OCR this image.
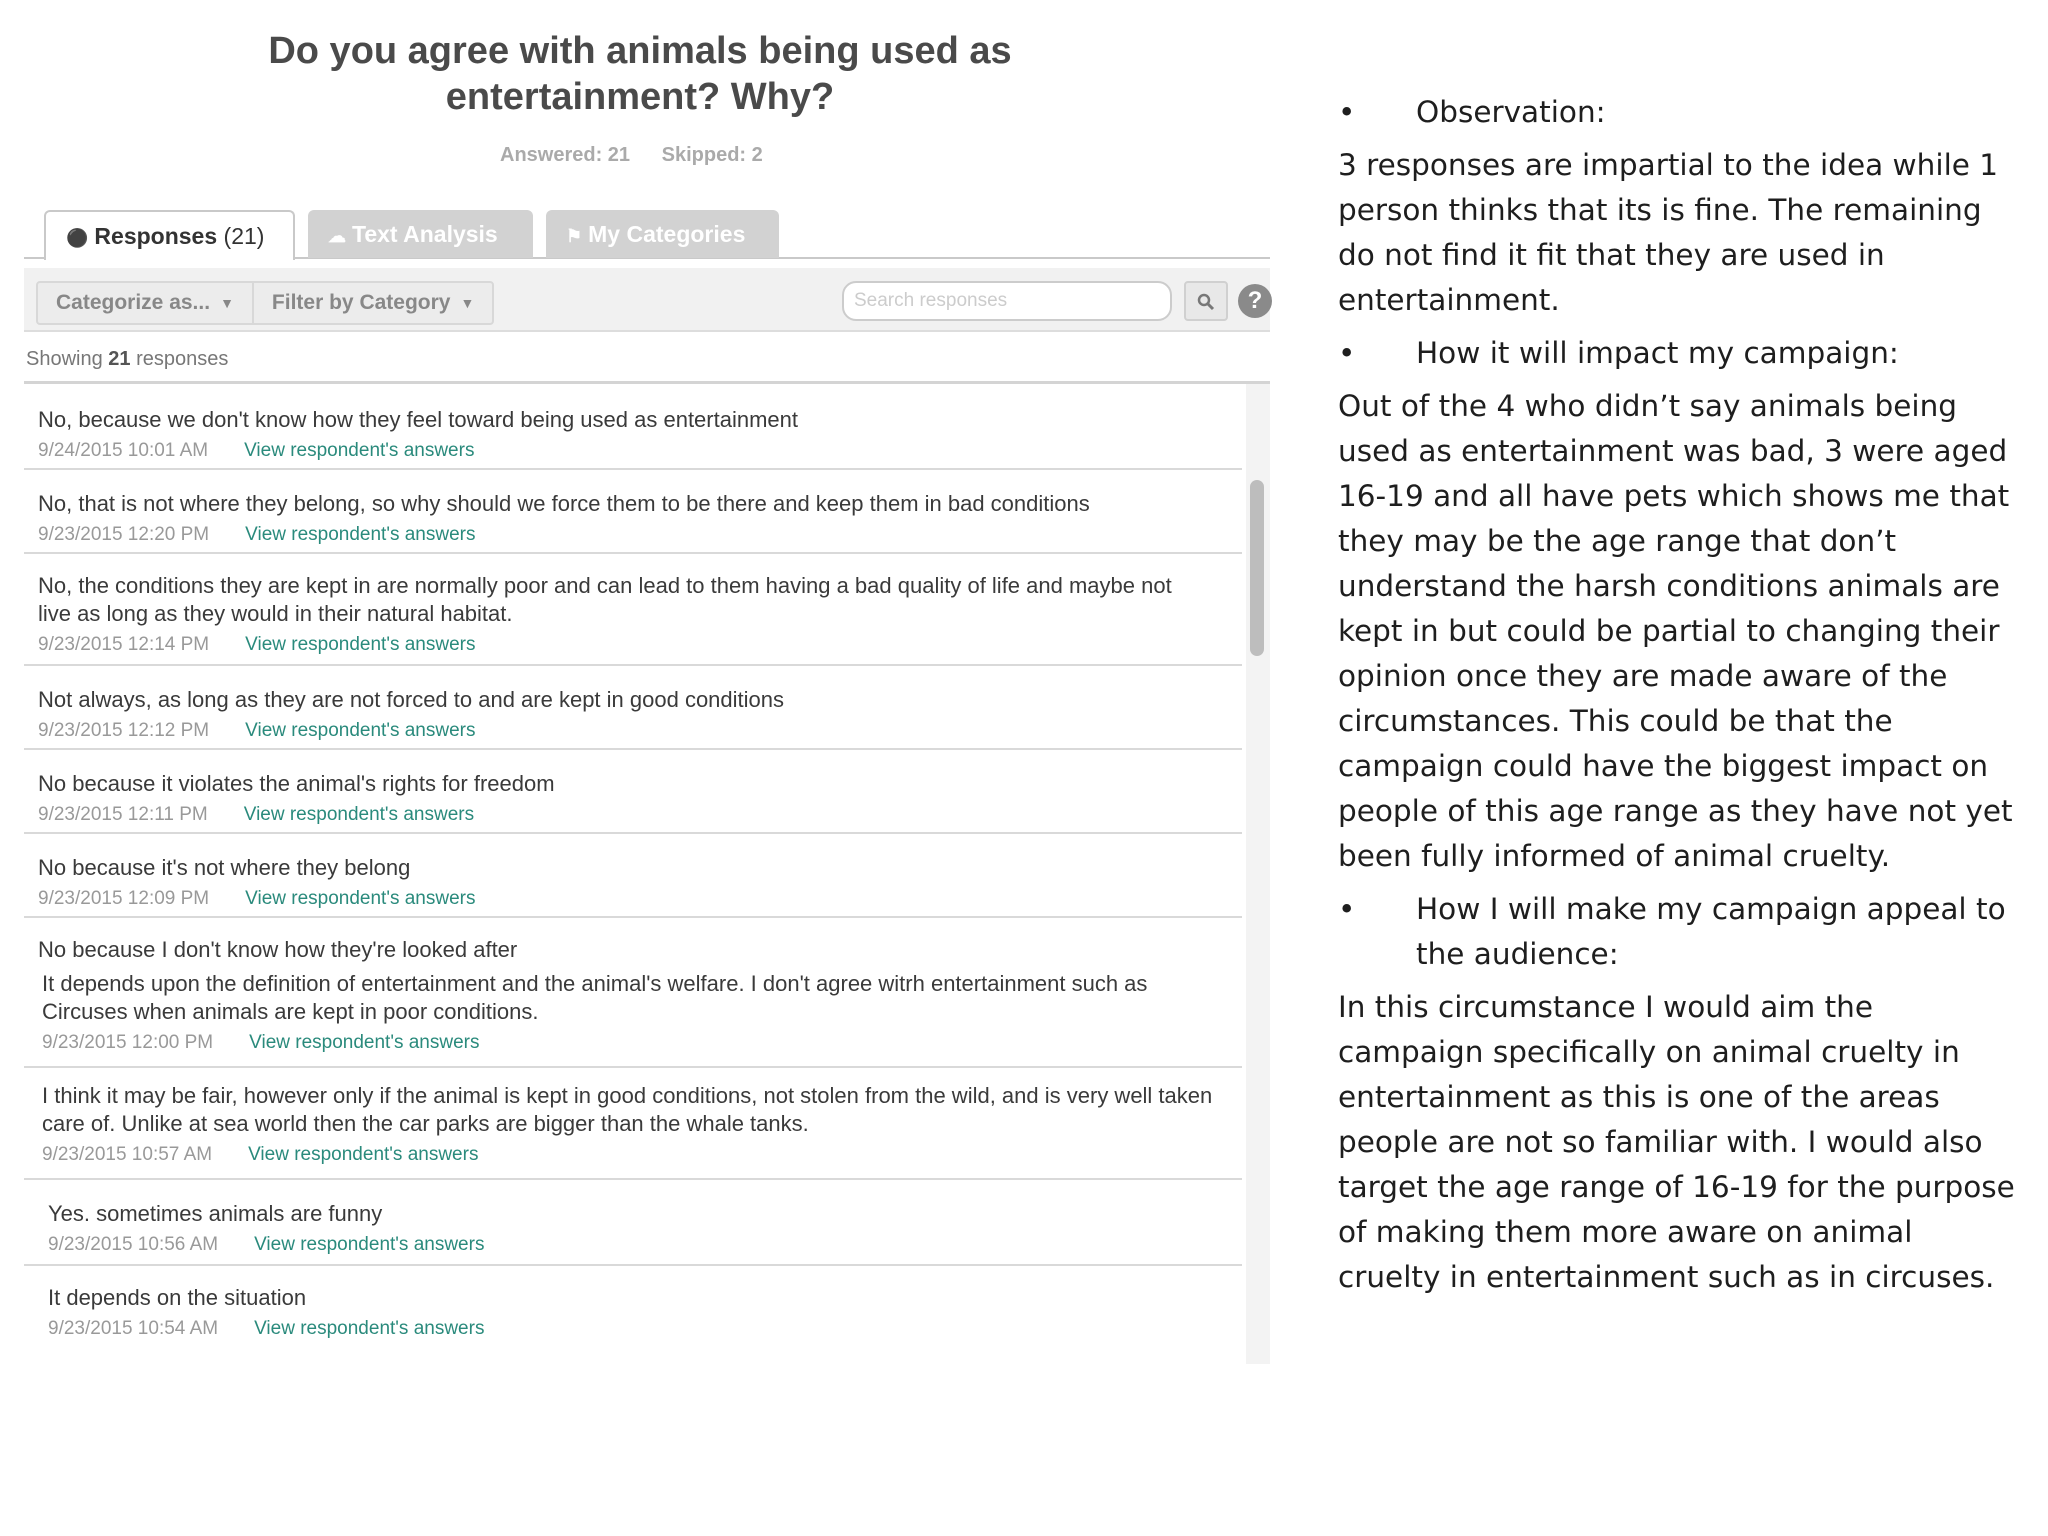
Do you agree with animals being used as
entertainment? Why?
Answered: 21 Skipped: 2
⚫ Responses (21)	☁ Text Analysis	⚑ My Categories
Categorize as... ▼	Filter by Category ▼
Search responses	?
Showing 21 responses
No, because we don't know how they feel toward being used as entertainment
9/24/2015 10:01 AM View respondent's answers
No, that is not where they belong, so why should we force them to be there and keep them in bad conditions
9/23/2015 12:20 PM View respondent's answers
No, the conditions they are kept in are normally poor and can lead to them having a bad quality of life and maybe not live as long as they would in their natural habitat.
9/23/2015 12:14 PM View respondent's answers
Not always, as long as they are not forced to and are kept in good conditions
9/23/2015 12:12 PM View respondent's answers
No because it violates the animal's rights for freedom
9/23/2015 12:11 PM View respondent's answers
No because it's not where they belong
9/23/2015 12:09 PM View respondent's answers
No because I don't know how they're looked after
It depends upon the definition of entertainment and the animal's welfare. I don't agree witrh entertainment such as Circuses when animals are kept in poor conditions.
9/23/2015 12:00 PM View respondent's answers
I think it may be fair, however only if the animal is kept in good conditions, not stolen from the wild, and is very well taken care of. Unlike at sea world then the car parks are bigger than the whale tanks.
9/23/2015 10:57 AM View respondent's answers
Yes. sometimes animals are funny
9/23/2015 10:56 AM View respondent's answers
It depends on the situation
9/23/2015 10:54 AM View respondent's answers
• Observation:
3 responses are impartial to the idea while 1 person thinks that its is fine. The remaining do not find it fit that they are used in entertainment.
• How it will impact my campaign:
Out of the 4 who didn’t say animals being used as entertainment was bad, 3 were aged 16-19 and all have pets which shows me that they may be the age range that don’t understand the harsh conditions animals are kept in but could be partial to changing their opinion once they are made aware of the circumstances. This could be that the campaign could have the biggest impact on people of this age range as they have not yet been fully informed of animal cruelty.
• How I will make my campaign appeal to the audience:
In this circumstance I would aim the campaign specifically on animal cruelty in entertainment as this is one of the areas people are not so familiar with. I would also target the age range of 16-19 for the purpose of making them more aware on animal cruelty in entertainment such as in circuses.
